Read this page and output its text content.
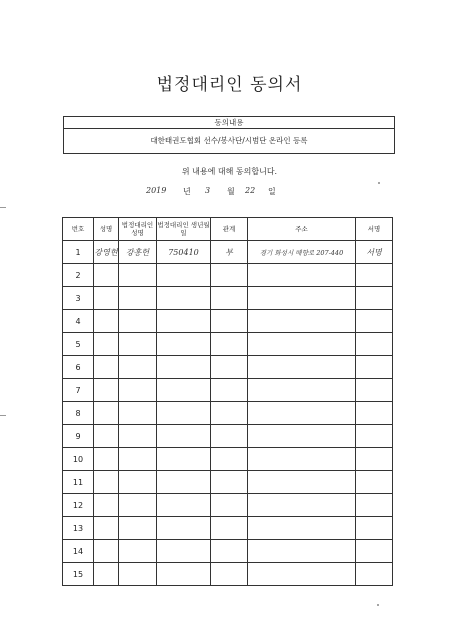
법정대리인 동의서
동의내용
대한태권도협회 선수/봉사단/시범단 온라인 등록
위 내용에 대해 동의합니다.
2019 년 3 월 22 일
번호	성명	법정대리인 성명	법정대리인 생년월일	관계	주소	서명
1	강영현	강홍헌	750410	부	경기 화성시 매향로 207-440	서명
2						
3						
4						
5						
6						
7						
8						
9						
10						
11						
12						
13						
14						
15						
